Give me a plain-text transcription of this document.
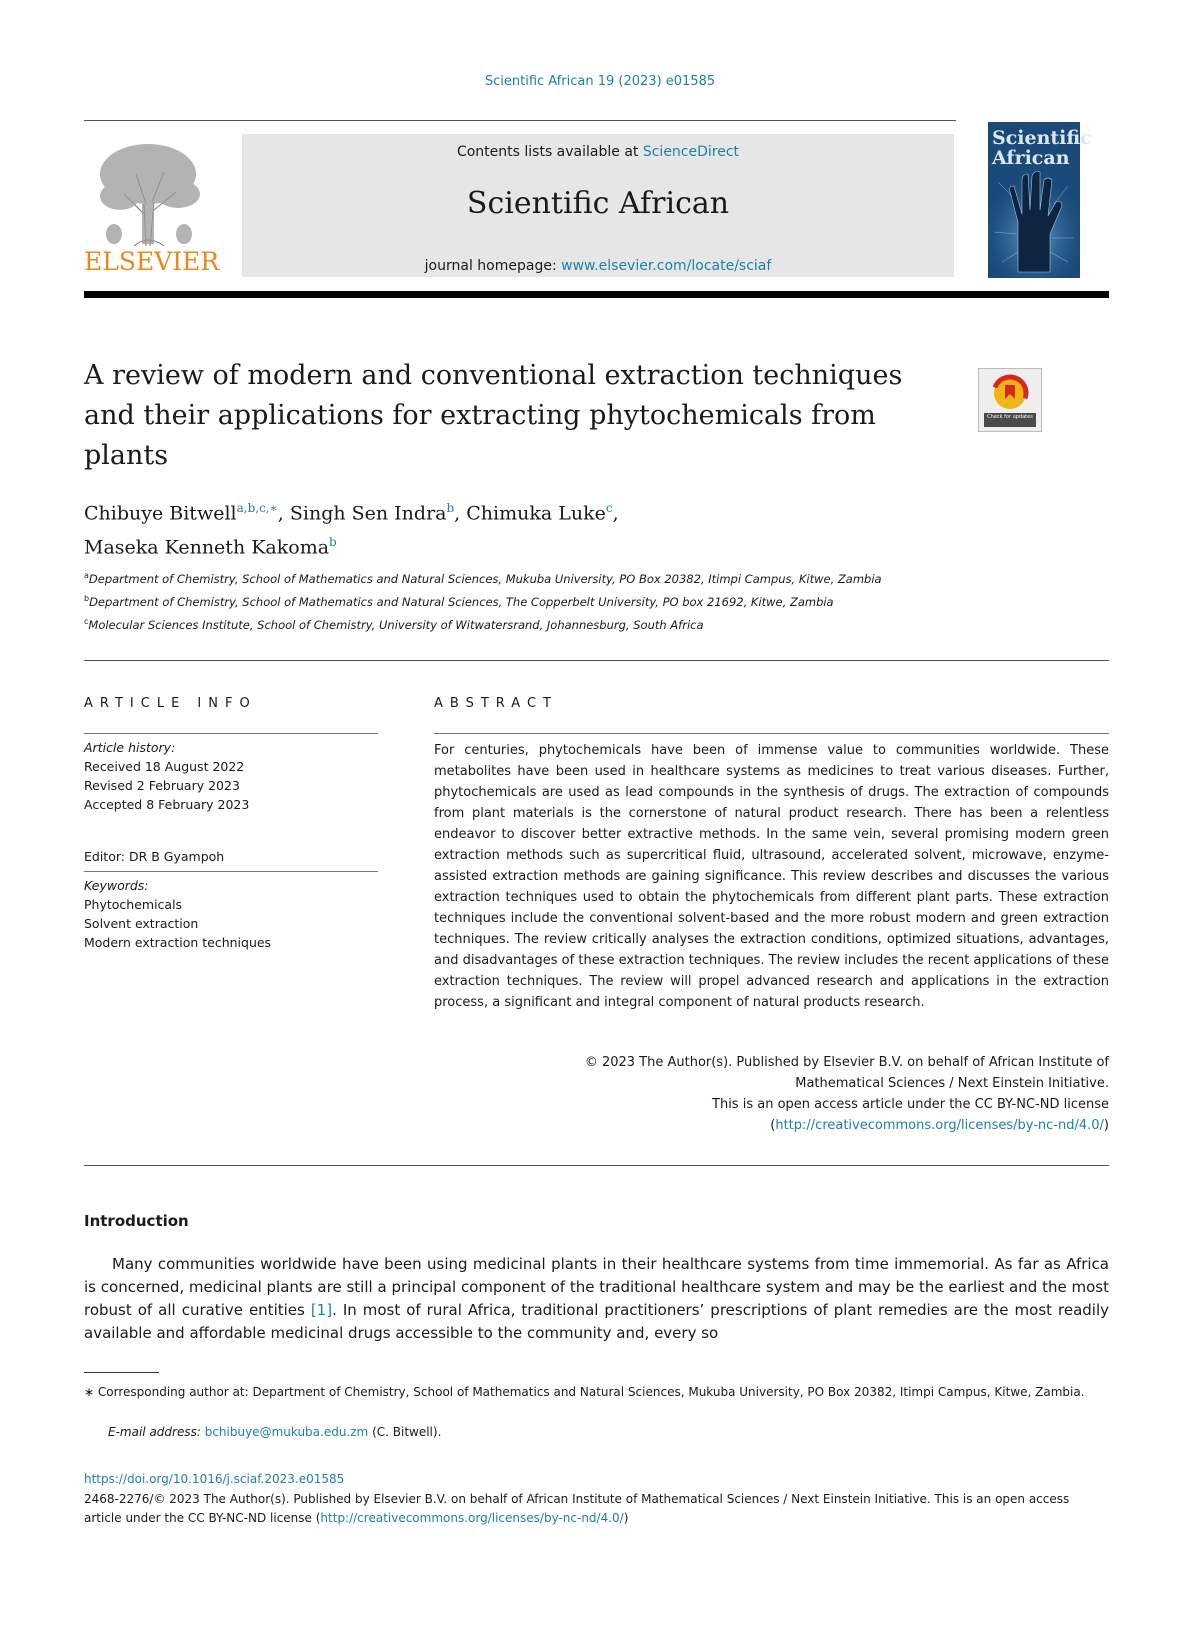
Scientific African 19 (2023) e01585
ELSEVIER
Contents lists available at ScienceDirect
Scientific African
journal homepage: www.elsevier.com/locate/sciaf
Scientific
African
A review of modern and conventional extraction techniques and their applications for extracting phytochemicals from plants
Check for updates
Chibuye Bitwell$^{a,b,c,∗}$, Singh Sen Indra$^b$, Chimuka Luke$^c$,
Maseka Kenneth Kakoma$^b$
$^a$Department of Chemistry, School of Mathematics and Natural Sciences, Mukuba University, PO Box 20382, Itimpi Campus, Kitwe, Zambia
$^b$Department of Chemistry, School of Mathematics and Natural Sciences, The Copperbelt University, PO box 21692, Kitwe, Zambia
$^c$Molecular Sciences Institute, School of Chemistry, University of Witwatersrand, Johannesburg, South Africa
ARTICLE INFO
Article history:
Received 18 August 2022
Revised 2 February 2023
Accepted 8 February 2023
Editor: DR B Gyampoh
Keywords:
Phytochemicals
Solvent extraction
Modern extraction techniques
ABSTRACT
For centuries, phytochemicals have been of immense value to communities worldwide. These metabolites have been used in healthcare systems as medicines to treat various diseases. Further, phytochemicals are used as lead compounds in the synthesis of drugs. The extraction of compounds from plant materials is the cornerstone of natural product research. There has been a relentless endeavor to discover better extractive methods. In the same vein, several promising modern green extraction methods such as supercritical fluid, ultrasound, accelerated solvent, microwave, enzyme-assisted extraction methods are gaining significance. This review describes and discusses the various extraction techniques used to obtain the phytochemicals from different plant parts. These extraction techniques include the conventional solvent-based and the more robust modern and green extraction techniques. The review critically analyses the extraction conditions, optimized situations, advantages, and disadvantages of these extraction techniques. The review includes the recent applications of these extraction techniques. The review will propel advanced research and applications in the extraction process, a significant and integral component of natural products research.
© 2023 The Author(s). Published by Elsevier B.V. on behalf of African Institute of
Mathematical Sciences / Next Einstein Initiative.
This is an open access article under the CC BY-NC-ND license
(http://creativecommons.org/licenses/by-nc-nd/4.0/)
Introduction
Many communities worldwide have been using medicinal plants in their healthcare systems from time immemorial. As far as Africa is concerned, medicinal plants are still a principal component of the traditional healthcare system and may be the earliest and the most robust of all curative entities [1]. In most of rural Africa, traditional practitioners’ prescriptions of plant remedies are the most readily available and affordable medicinal drugs accessible to the community and, every so
∗ Corresponding author at: Department of Chemistry, School of Mathematics and Natural Sciences, Mukuba University, PO Box 20382, Itimpi Campus, Kitwe, Zambia.
E-mail address: bchibuye@mukuba.edu.zm (C. Bitwell).
https://doi.org/10.1016/j.sciaf.2023.e01585
2468-2276/© 2023 The Author(s). Published by Elsevier B.V. on behalf of African Institute of Mathematical Sciences / Next Einstein Initiative. This is an open access article under the CC BY-NC-ND license (http://creativecommons.org/licenses/by-nc-nd/4.0/)
